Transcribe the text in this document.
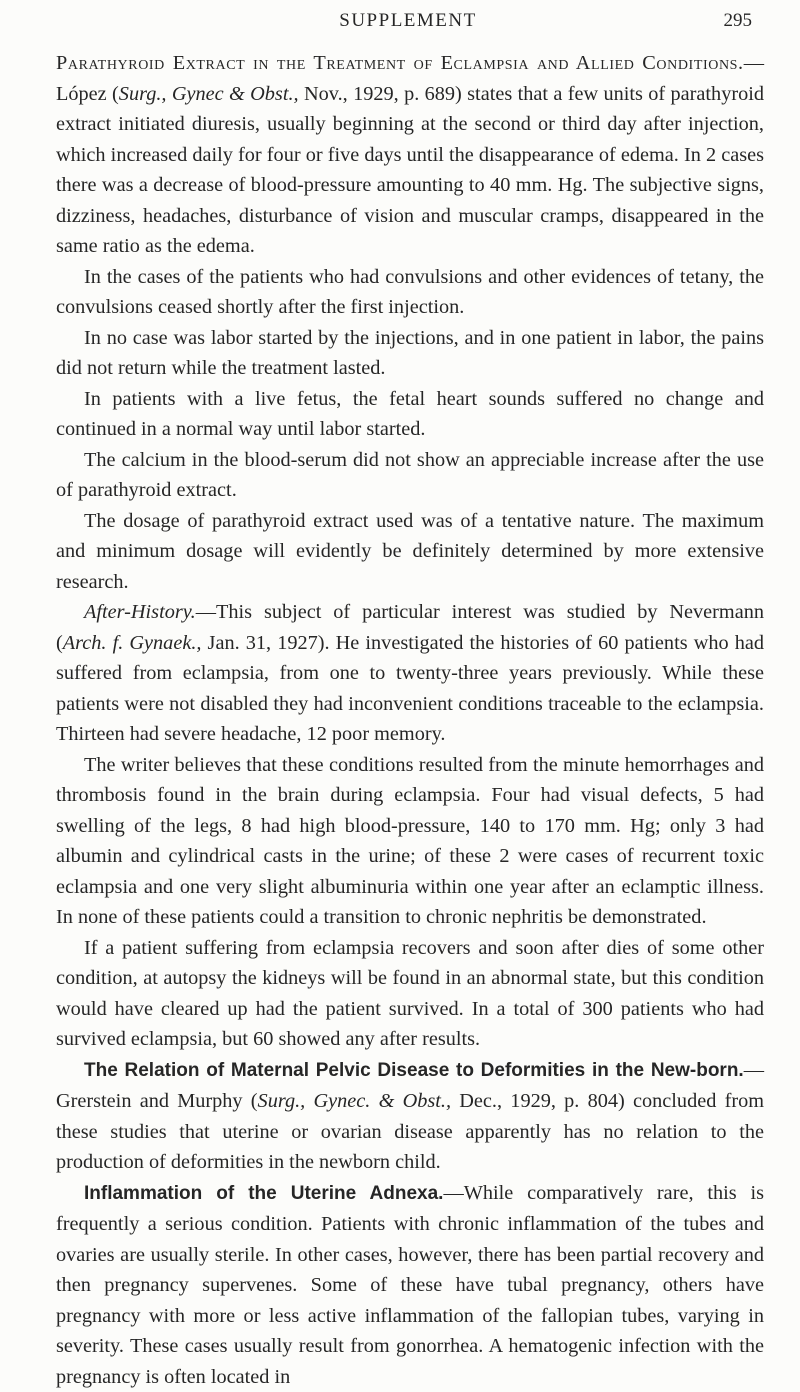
SUPPLEMENT	295

Parathyroid Extract in the Treatment of Eclampsia and Allied Conditions.—López (Surg., Gynec & Obst., Nov., 1929, p. 689) states that a few units of parathyroid extract initiated diuresis, usually beginning at the second or third day after injection, which increased daily for four or five days until the disappearance of edema. In 2 cases there was a decrease of blood-pressure amounting to 40 mm. Hg. The subjective signs, dizziness, headaches, disturbance of vision and muscular cramps, disappeared in the same ratio as the edema.

In the cases of the patients who had convulsions and other evidences of tetany, the convulsions ceased shortly after the first injection.

In no case was labor started by the injections, and in one patient in labor, the pains did not return while the treatment lasted.

In patients with a live fetus, the fetal heart sounds suffered no change and continued in a normal way until labor started.

The calcium in the blood-serum did not show an appreciable increase after the use of parathyroid extract.

The dosage of parathyroid extract used was of a tentative nature. The maximum and minimum dosage will evidently be definitely determined by more extensive research.

After-History.—This subject of particular interest was studied by Nevermann (Arch. f. Gynaek., Jan. 31, 1927). He investigated the histories of 60 patients who had suffered from eclampsia, from one to twenty-three years previously. While these patients were not disabled they had inconvenient conditions traceable to the eclampsia. Thirteen had severe headache, 12 poor memory.

The writer believes that these conditions resulted from the minute hemorrhages and thrombosis found in the brain during eclampsia. Four had visual defects, 5 had swelling of the legs, 8 had high blood-pressure, 140 to 170 mm. Hg; only 3 had albumin and cylindrical casts in the urine; of these 2 were cases of recurrent toxic eclampsia and one very slight albuminuria within one year after an eclamptic illness. In none of these patients could a transition to chronic nephritis be demonstrated.

If a patient suffering from eclampsia recovers and soon after dies of some other condition, at autopsy the kidneys will be found in an abnormal state, but this condition would have cleared up had the patient survived. In a total of 300 patients who had survived eclampsia, but 60 showed any after results.

The Relation of Maternal Pelvic Disease to Deformities in the New-born.—Grerstein and Murphy (Surg., Gynec. & Obst., Dec., 1929, p. 804) concluded from these studies that uterine or ovarian disease apparently has no relation to the production of deformities in the newborn child.

Inflammation of the Uterine Adnexa.—While comparatively rare, this is frequently a serious condition. Patients with chronic inflammation of the tubes and ovaries are usually sterile. In other cases, however, there has been partial recovery and then pregnancy supervenes. Some of these have tubal pregnancy, others have pregnancy with more or less active inflammation of the fallopian tubes, varying in severity. These cases usually result from gonorrhea. A hematogenic infection with the pregnancy is often located in
